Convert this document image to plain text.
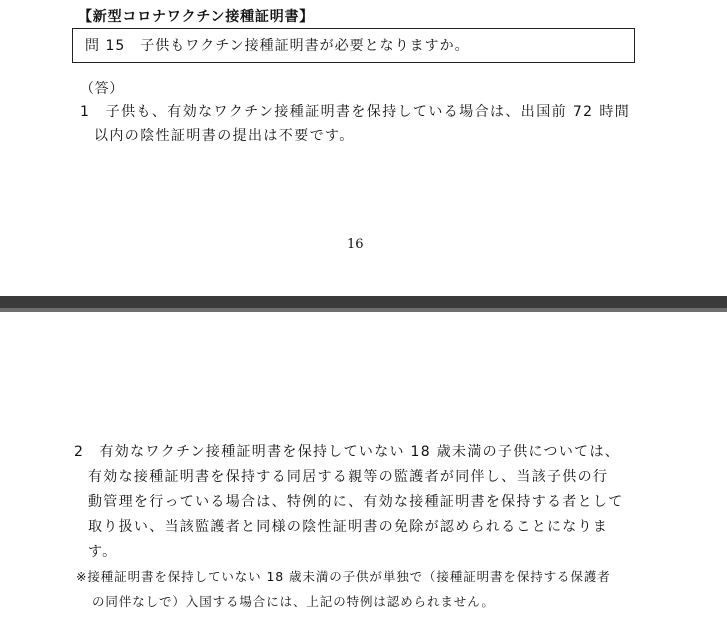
【新型コロナワクチン接種証明書】
問 15　子供もワクチン接種証明書が必要となりますか。
（答）
1　子供も、有効なワクチン接種証明書を保持している場合は、出国前 72 時間
以内の陰性証明書の提出は不要です。
16
2　有効なワクチン接種証明書を保持していない 18 歳未満の子供については、
有効な接種証明書を保持する同居する親等の監護者が同伴し、当該子供の行
動管理を行っている場合は、特例的に、有効な接種証明書を保持する者として
取り扱い、当該監護者と同様の陰性証明書の免除が認められることになりま
す。
※接種証明書を保持していない 18 歳未満の子供が単独で（接種証明書を保持する保護者
の同伴なしで）入国する場合には、上記の特例は認められません。
